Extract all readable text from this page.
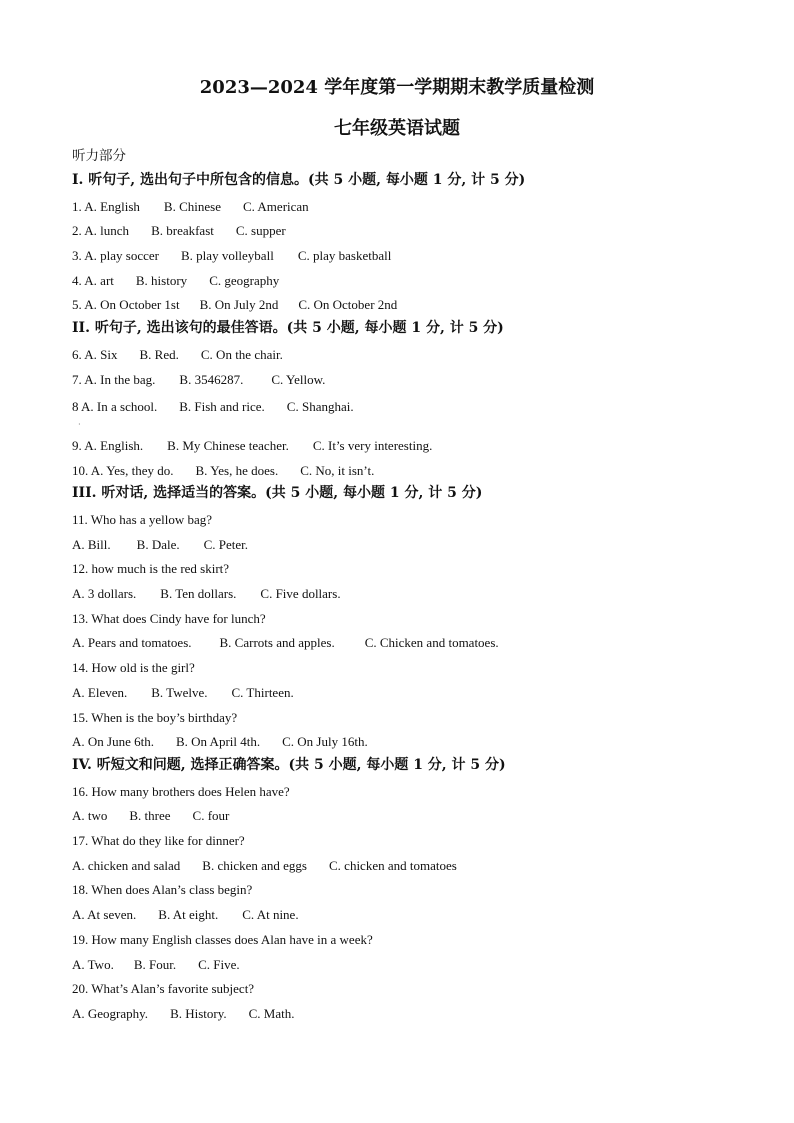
2023—2024 学年度第一学期期末教学质量检测
七年级英语试题
听力部分
I. 听句子, 选出句子中所包含的信息。(共 5 小题, 每小题 1 分, 计 5 分)
1. A. English B. Chinese C. American
2. A. lunch B. breakfast C. supper
3. A. play soccer B. play volleyball C. play basketball
4. A. art B. history C. geography
5. A. On October 1st B. On July 2nd C. On October 2nd
II. 听句子, 选出该句的最佳答语。(共 5 小题, 每小题 1 分, 计 5 分)
6. A. Six B. Red. C. On the chair.
7. A. In the bag. B. 3546287. C. Yellow.
8 A. In a school. B. Fish and rice. C. Shanghai.
·
9. A. English. B. My Chinese teacher. C. It’s very interesting.
10. A. Yes, they do. B. Yes, he does. C. No, it isn’t.
III. 听对话, 选择适当的答案。(共 5 小题, 每小题 1 分, 计 5 分)
11. Who has a yellow bag?
A. Bill. B. Dale. C. Peter.
12. how much is the red skirt?
A. 3 dollars. B. Ten dollars. C. Five dollars.
13. What does Cindy have for lunch?
A. Pears and tomatoes. B. Carrots and apples. C. Chicken and tomatoes.
14. How old is the girl?
A. Eleven. B. Twelve. C. Thirteen.
15. When is the boy’s birthday?
A. On June 6th. B. On April 4th. C. On July 16th.
IV. 听短文和问题, 选择正确答案。(共 5 小题, 每小题 1 分, 计 5 分)
16. How many brothers does Helen have?
A. two B. three C. four
17. What do they like for dinner?
A. chicken and salad B. chicken and eggs C. chicken and tomatoes
18. When does Alan’s class begin?
A. At seven. B. At eight. C. At nine.
19. How many English classes does Alan have in a week?
A. Two. B. Four. C. Five.
20. What’s Alan’s favorite subject?
A. Geography. B. History. C. Math.
